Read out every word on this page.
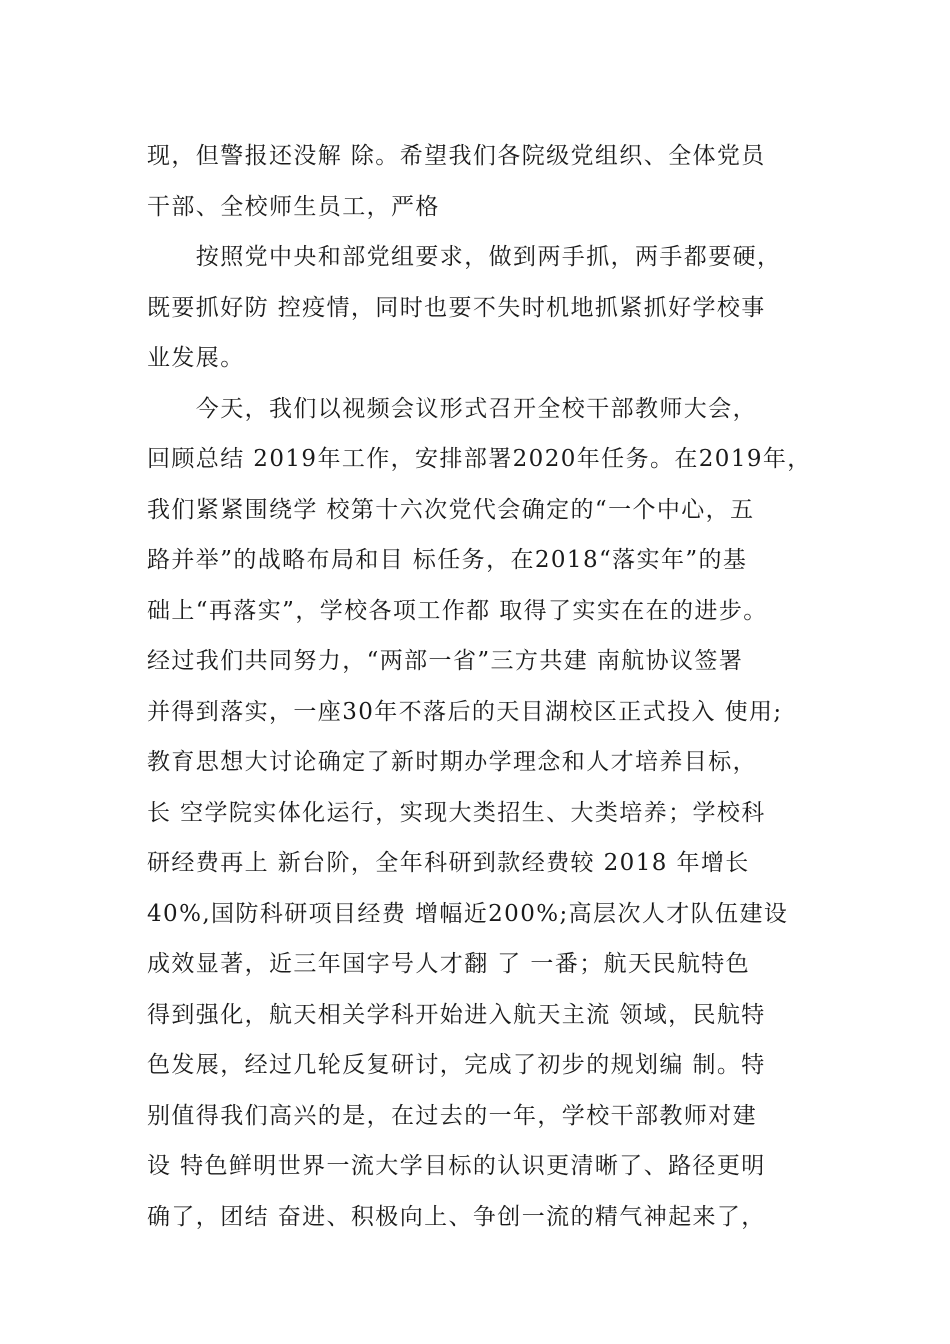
现，但警报还没解 除。希望我们各院级党组织、全体党员
干部、全校师生员工，严格
　　按照党中央和部党组要求，做到两手抓，两手都要硬，
既要抓好防 控疫情，同时也要不失时机地抓紧抓好学校事
业发展。
　　今天，我们以视频会议形式召开全校干部教师大会，
回顾总结 2019年工作，安排部署2020年任务。在2019年，
我们紧紧围绕学 校第十六次党代会确定的“一个中心，五
路并举”的战略布局和目 标任务，在2018“落实年”的基
础上“再落实”，学校各项工作都 取得了实实在在的进步。
经过我们共同努力，“两部一省”三方共建 南航协议签署
并得到落实，一座30年不落后的天目湖校区正式投入 使用;
教育思想大讨论确定了新时期办学理念和人才培养目标，
长 空学院实体化运行，实现大类招生、大类培养；学校科
研经费再上 新台阶，全年科研到款经费较 2018 年增长
40%,国防科研项目经费 增幅近200%;高层次人才队伍建设
成效显著，近三年国字号人才翻 了 一番；航天民航特色
得到强化，航天相关学科开始进入航天主流 领域，民航特
色发展，经过几轮反复研讨，完成了初步的规划编 制。特
别值得我们高兴的是，在过去的一年，学校干部教师对建
设 特色鲜明世界一流大学目标的认识更清晰了、路径更明
确了，团结 奋进、积极向上、争创一流的精气神起来了，
